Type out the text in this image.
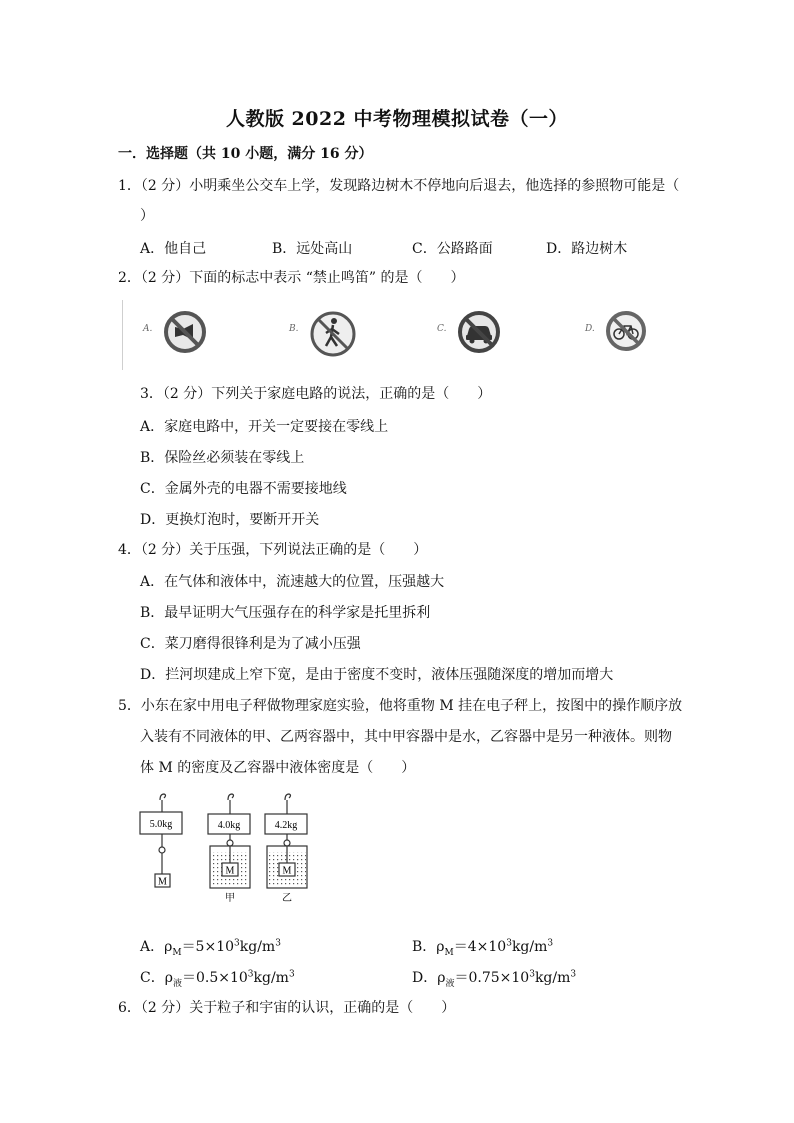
人教版 2022 中考物理模拟试卷（一）
一．选择题（共 10 小题，满分 16 分）
1．（2 分）小明乘坐公交车上学，发现路边树木不停地向后退去，他选择的参照物可能是（
）
A．他自己	B．远处高山	C．公路路面	D．路边树木
2．（2 分）下面的标志中表示 “禁止鸣笛” 的是（　　）
A.	B.	C.	D.
3．（2 分）下列关于家庭电路的说法，正确的是（　　）
A．家庭电路中，开关一定要接在零线上
B．保险丝必须装在零线上
C．金属外壳的电器不需要接地线
D．更换灯泡时，要断开开关
4．（2 分）关于压强，下列说法正确的是（　　）
A．在气体和液体中，流速越大的位置，压强越大
B．最早证明大气压强存在的科学家是托里拆利
C．菜刀磨得很锋利是为了减小压强
D．拦河坝建成上窄下宽，是由于密度不变时，液体压强随深度的增加而增大
5．小东在家中用电子秤做物理家庭实验，他将重物 M 挂在电子秤上，按图中的操作顺序放
入装有不同液体的甲、乙两容器中，其中甲容器中是水，乙容器中是另一种液体。则物
体 M 的密度及乙容器中液体密度是（　　）
5.0kg
M
4.0kg
M
甲
4.2kg
M
乙
A．$\rho_M=5\times 10^3kg/m^3$	B．$\rho_M=4\times 10^3kg/m^3$
C．$\rho_液=0.5\times 10^3kg/m^3$	D．$\rho_液=0.75\times 10^3kg/m^3$
6．（2 分）关于粒子和宇宙的认识，正确的是（　　）
